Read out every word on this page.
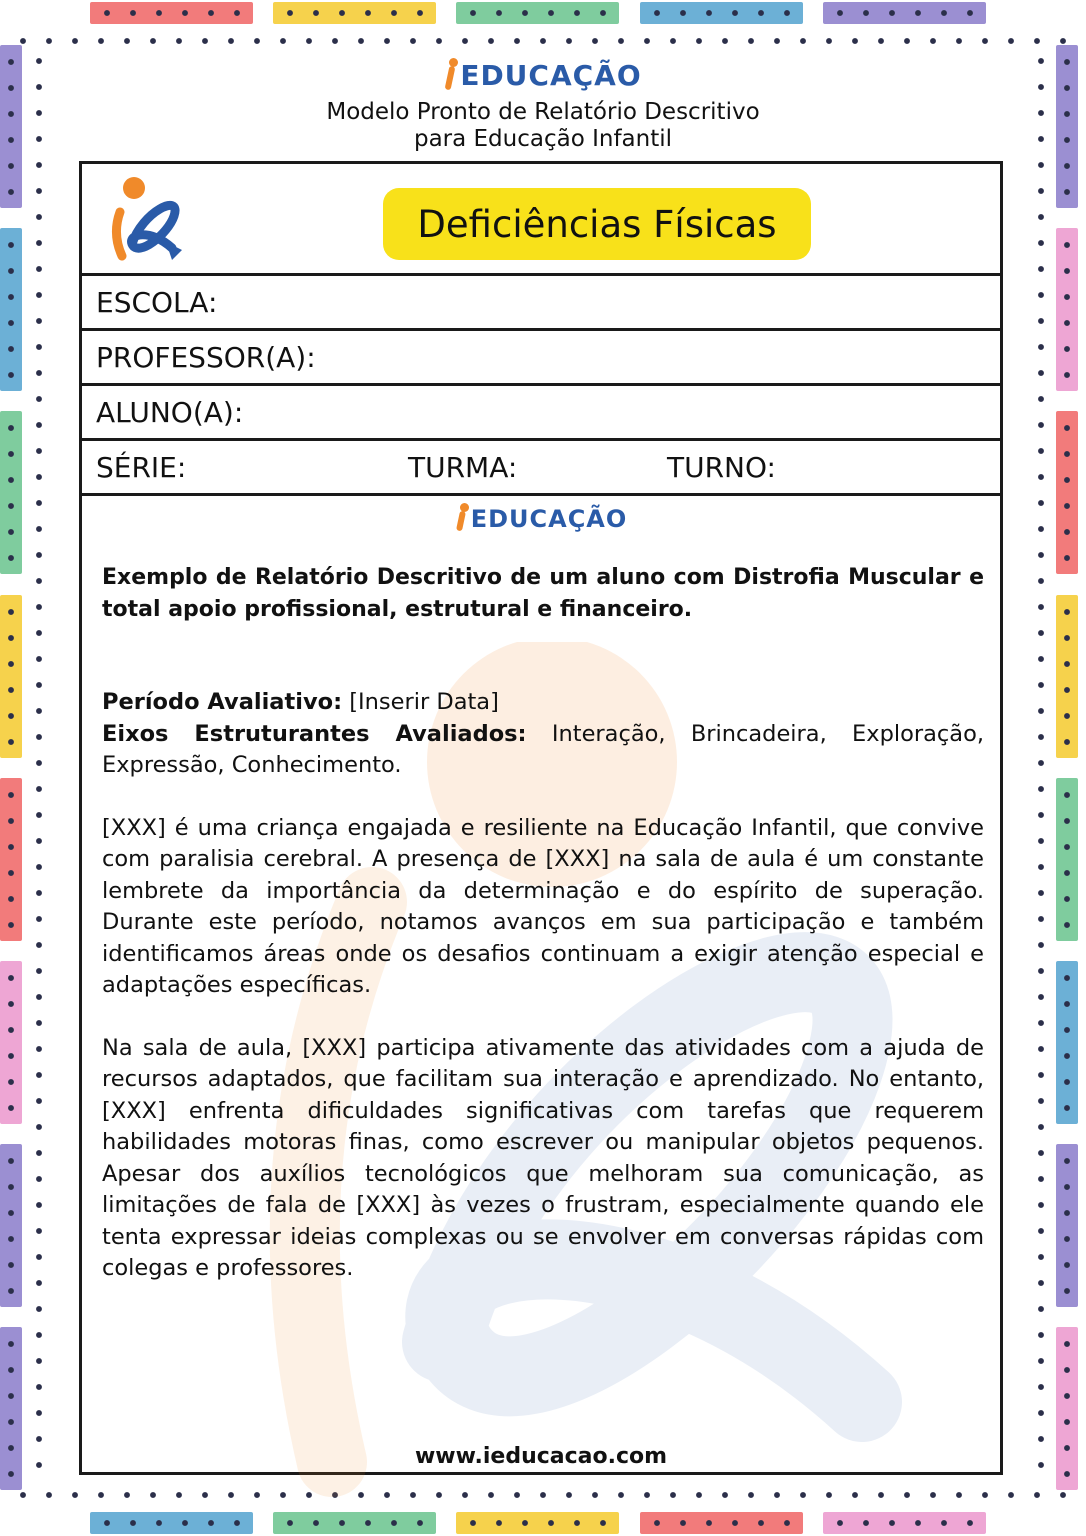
EDUCAÇÃO
Modelo Pronto de Relatório Descritivo
para Educação Infantil
Deficiências Físicas
ESCOLA:
PROFESSOR(A):
ALUNO(A):
SÉRIE:	TURMA:	TURNO:
EDUCAÇÃO

Exemplo de Relatório Descritivo de um aluno com Distrofia Muscular e total apoio profissional, estrutural e financeiro.

Período Avaliativo: [Inserir Data]

Eixos Estruturantes Avaliados: Interação, Brincadeira, Exploração, Expressão, Conhecimento.

[XXX] é uma criança engajada e resiliente na Educação Infantil, que convive com paralisia cerebral. A presença de [XXX] na sala de aula é um constante lembrete da importância da determinação e do espírito de superação. Durante este período, notamos avanços em sua participação e também identificamos áreas onde os desafios continuam a exigir atenção especial e adaptações específicas.

Na sala de aula, [XXX] participa ativamente das atividades com a ajuda de recursos adaptados, que facilitam sua interação e aprendizado. No entanto, [XXX] enfrenta dificuldades significativas com tarefas que requerem habilidades motoras finas, como escrever ou manipular objetos pequenos. Apesar dos auxílios tecnológicos que melhoram sua comunicação, as limitações de fala de [XXX] às vezes o frustram, especialmente quando ele tenta expressar ideias complexas ou se envolver em conversas rápidas com colegas e professores.

www.ieducacao.com
